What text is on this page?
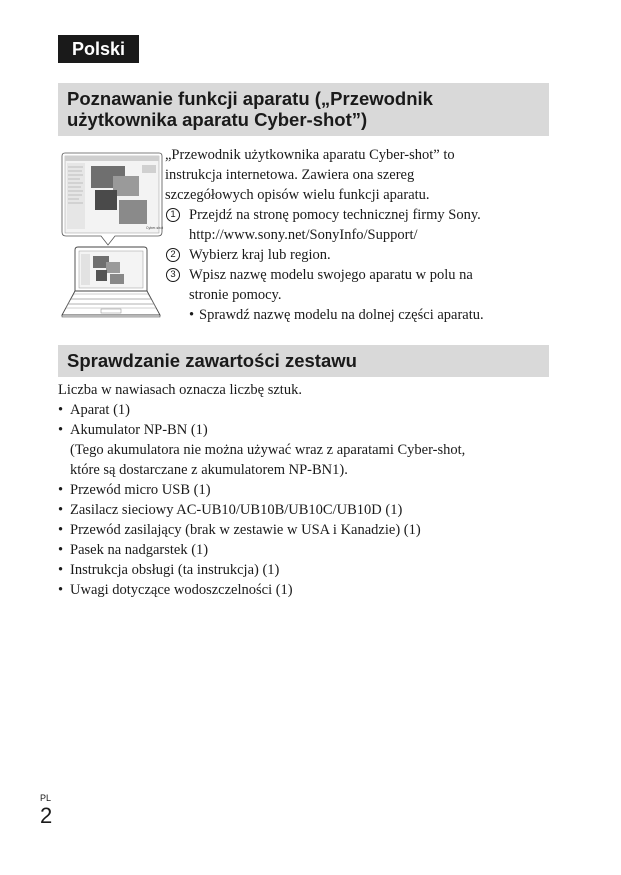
Polski
Poznawanie funkcji aparatu („Przewodnik
użytkownika aparatu Cyber-shot”)
Cyber-shot
„Przewodnik użytkownika aparatu Cyber-shot” to
instrukcja internetowa. Zawiera ona szereg
szczegółowych opisów wielu funkcji aparatu.
1 Przejdź na stronę pomocy technicznej firmy Sony.
http://www.sony.net/SonyInfo/Support/
2 Wybierz kraj lub region.
3 Wpisz nazwę modelu swojego aparatu w polu na
stronie pomocy.
• Sprawdź nazwę modelu na dolnej części aparatu.
Sprawdzanie zawartości zestawu
Liczba w nawiasach oznacza liczbę sztuk.
• Aparat (1)
• Akumulator NP-BN (1)
(Tego akumulatora nie można używać wraz z aparatami Cyber-shot,
które są dostarczane z akumulatorem NP-BN1).
• Przewód micro USB (1)
• Zasilacz sieciowy AC-UB10/UB10B/UB10C/UB10D (1)
• Przewód zasilający (brak w zestawie w USA i Kanadzie) (1)
• Pasek na nadgarstek (1)
• Instrukcja obsługi (ta instrukcja) (1)
• Uwagi dotyczące wodoszczelności (1)
PL
2
